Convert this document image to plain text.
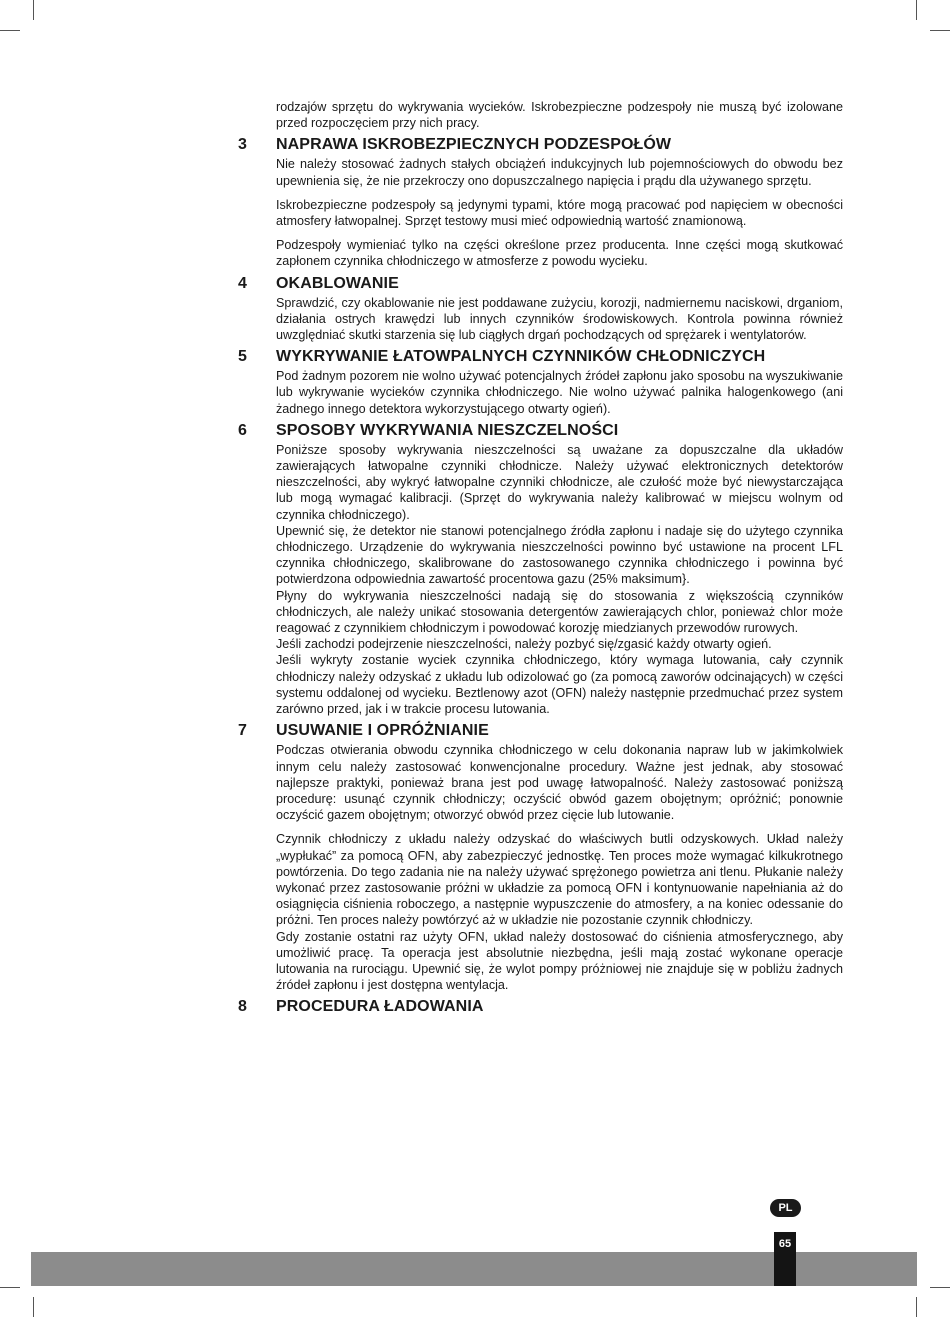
rodzajów sprzętu do wykrywania wycieków. Iskrobezpieczne podzespoły nie muszą być izolowane przed rozpoczęciem przy nich pracy.

3	NAPRAWA ISKROBEZPIECZNYCH PODZESPOŁÓW

Nie należy stosować żadnych stałych obciążeń indukcyjnych lub pojemnościowych do obwodu bez upewnienia się, że nie przekroczy ono dopuszczalnego napięcia i prądu dla używanego sprzętu.

Iskrobezpieczne podzespoły są jedynymi typami, które mogą pracować pod napięciem w obecności atmosfery łatwopalnej. Sprzęt testowy musi mieć odpowiednią wartość znamionową.

Podzespoły wymieniać tylko na części określone przez producenta. Inne części mogą skutkować zapłonem czynnika chłodniczego w atmosferze z powodu wycieku.

4	OKABLOWANIE

Sprawdzić, czy okablowanie nie jest poddawane zużyciu, korozji, nadmiernemu naciskowi, drganiom, działania ostrych krawędzi lub innych czynników środowiskowych. Kontrola powinna również uwzględniać skutki starzenia się lub ciągłych drgań pochodzących od sprężarek i wentylatorów.

5	WYKRYWANIE ŁATOWPALNYCH CZYNNIKÓW CHŁODNICZYCH

Pod żadnym pozorem nie wolno używać potencjalnych źródeł zapłonu jako sposobu na wyszukiwanie lub wykrywanie wycieków czynnika chłodniczego. Nie wolno używać palnika halogenkowego (ani żadnego innego detektora wykorzystującego otwarty ogień).

6	SPOSOBY WYKRYWANIA NIESZCZELNOŚCI

Poniższe sposoby wykrywania nieszczelności są uważane za dopuszczalne dla układów zawierających łatwopalne czynniki chłodnicze. Należy używać elektronicznych detektorów nieszczelności, aby wykryć łatwopalne czynniki chłodnicze, ale czułość może być niewystarczająca lub mogą wymagać kalibracji. (Sprzęt do wykrywania należy kalibrować w miejscu wolnym od czynnika chłodniczego).

Upewnić się, że detektor nie stanowi potencjalnego źródła zapłonu i nadaje się do użytego czynnika chłodniczego. Urządzenie do wykrywania nieszczelności powinno być ustawione na procent LFL czynnika chłodniczego, skalibrowane do zastosowanego czynnika chłodniczego i powinna być potwierdzona odpowiednia zawartość procentowa gazu (25% maksimum}.

Płyny do wykrywania nieszczelności nadają się do stosowania z większością czynników chłodniczych, ale należy unikać stosowania detergentów zawierających chlor, ponieważ chlor może reagować z czynnikiem chłodniczym i powodować korozję miedzianych przewodów rurowych.

Jeśli zachodzi podejrzenie nieszczelności, należy pozbyć się/zgasić każdy otwarty ogień.

Jeśli wykryty zostanie wyciek czynnika chłodniczego, który wymaga lutowania, cały czynnik chłodniczy należy odzyskać z układu lub odizolować go (za pomocą zaworów odcinających) w części systemu oddalonej od wycieku. Beztlenowy azot (OFN) należy następnie przedmuchać przez system zarówno przed, jak i w trakcie procesu lutowania.

7	USUWANIE I OPRÓŻNIANIE

Podczas otwierania obwodu czynnika chłodniczego w celu dokonania napraw lub w jakimkolwiek innym celu należy zastosować konwencjonalne procedury. Ważne jest jednak, aby stosować najlepsze praktyki, ponieważ brana jest pod uwagę łatwopalność. Należy zastosować poniższą procedurę: usunąć czynnik chłodniczy; oczyścić obwód gazem obojętnym; opróżnić; ponownie oczyścić gazem obojętnym; otworzyć obwód przez cięcie lub lutowanie.

Czynnik chłodniczy z układu należy odzyskać do właściwych butli odzyskowych. Układ należy „wypłukać” za pomocą OFN, aby zabezpieczyć jednostkę. Ten proces może wymagać kilkukrotnego powtórzenia. Do tego zadania nie na należy używać sprężonego powietrza ani tlenu. Płukanie należy wykonać przez zastosowanie próżni w układzie za pomocą OFN i kontynuowanie napełniania aż do osiągnięcia ciśnienia roboczego, a następnie wypuszczenie do atmosfery, a na koniec odessanie do próżni. Ten proces należy powtórzyć aż w układzie nie pozostanie czynnik chłodniczy.

Gdy zostanie ostatni raz użyty OFN, układ należy dostosować do ciśnienia atmosferycznego, aby umożliwić pracę. Ta operacja jest absolutnie niezbędna, jeśli mają zostać wykonane operacje lutowania na rurociągu. Upewnić się, że wylot pompy próżniowej nie znajduje się w pobliżu żadnych źródeł zapłonu i jest dostępna wentylacja.

8	PROCEDURA ŁADOWANIA
PL
65
